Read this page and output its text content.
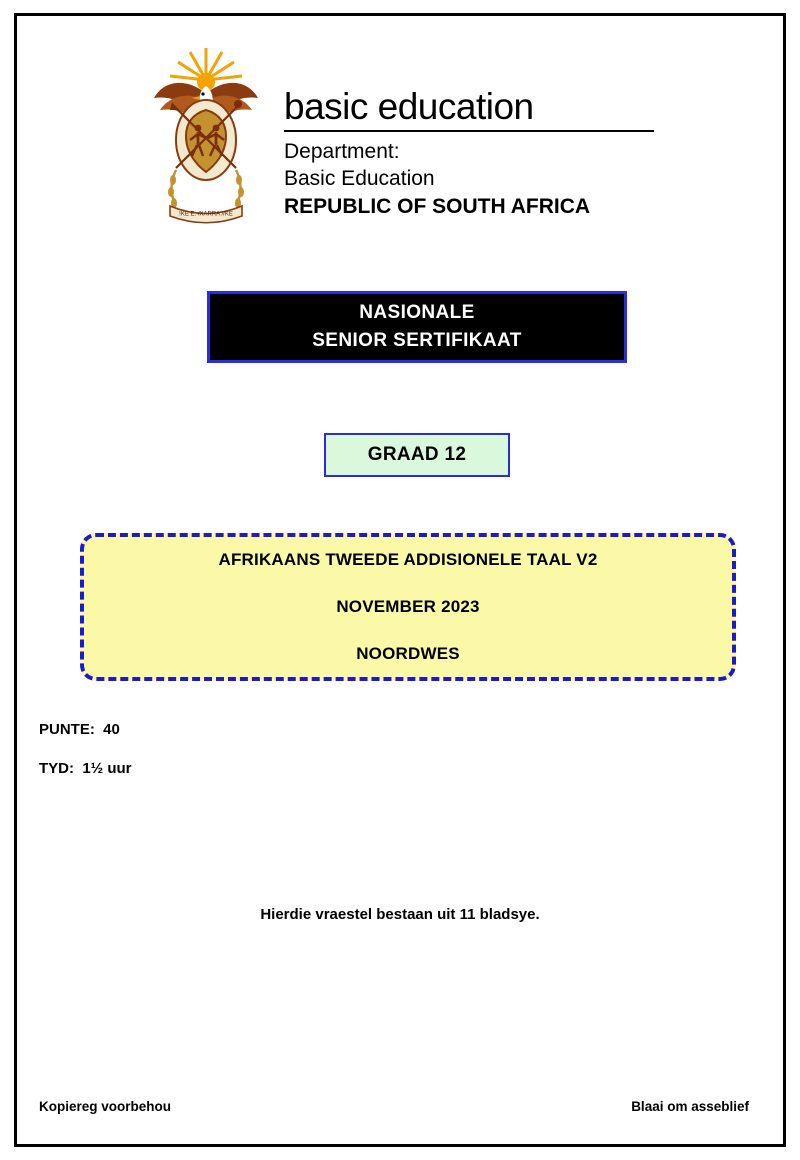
!KE E: /XARRA //KE
basic education
Department:
Basic Education
REPUBLIC OF SOUTH AFRICA
NASIONALE
SENIOR SERTIFIKAAT
GRAAD 12
AFRIKAANS TWEEDE ADDISIONELE TAAL V2
NOVEMBER 2023
NOORDWES
PUNTE:  40
TYD:  1½ uur
Hierdie vraestel bestaan uit 11 bladsye.
Kopiereg voorbehou	Blaai om asseblief
